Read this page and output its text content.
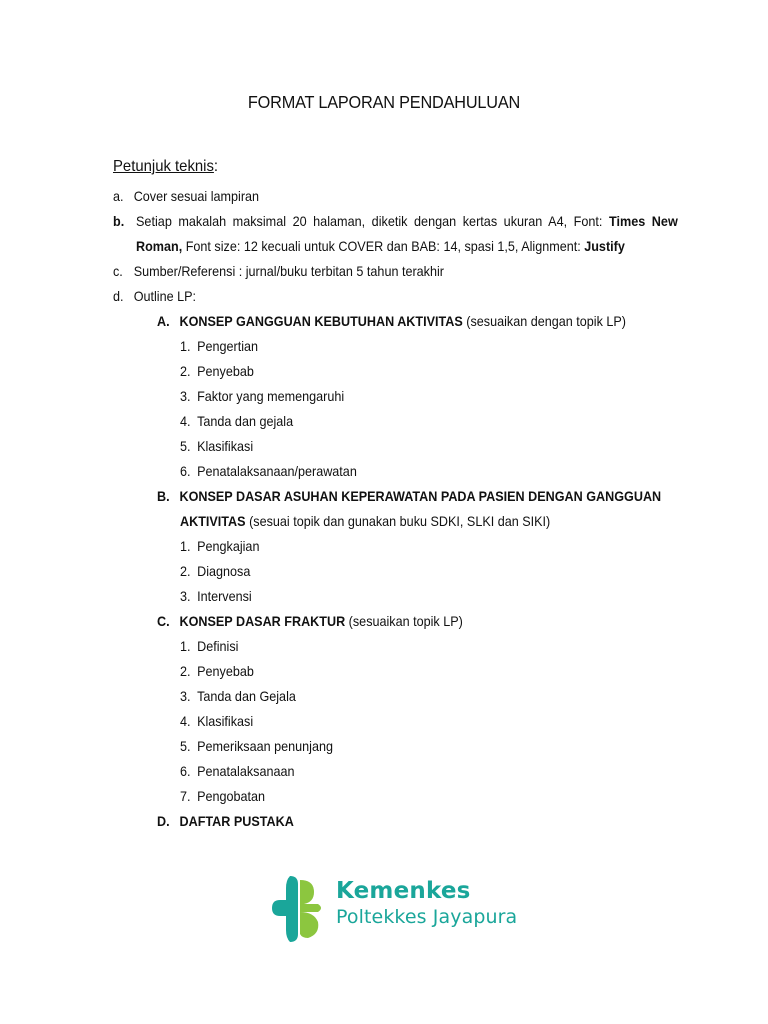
FORMAT LAPORAN PENDAHULUAN
Petunjuk teknis:
a. Cover sesuai lampiran
b. Setiap makalah maksimal 20 halaman, diketik dengan kertas ukuran A4, Font: Times New
Roman, Font size: 12 kecuali untuk COVER dan BAB: 14, spasi 1,5, Alignment: Justify
c. Sumber/Referensi : jurnal/buku terbitan 5 tahun terakhir
d. Outline LP:
A. KONSEP GANGGUAN KEBUTUHAN AKTIVITAS (sesuaikan dengan topik LP)
1. Pengertian
2. Penyebab
3. Faktor yang memengaruhi
4. Tanda dan gejala
5. Klasifikasi
6. Penatalaksanaan/perawatan
B. KONSEP DASAR ASUHAN KEPERAWATAN PADA PASIEN DENGAN GANGGUAN
AKTIVITAS (sesuai topik dan gunakan buku SDKI, SLKI dan SIKI)
1. Pengkajian
2. Diagnosa
3. Intervensi
C. KONSEP DASAR FRAKTUR (sesuaikan topik LP)
1. Definisi
2. Penyebab
3. Tanda dan Gejala
4. Klasifikasi
5. Pemeriksaan penunjang
6. Penatalaksanaan
7. Pengobatan
D. DAFTAR PUSTAKA
Kemenkes
Poltekkes Jayapura
